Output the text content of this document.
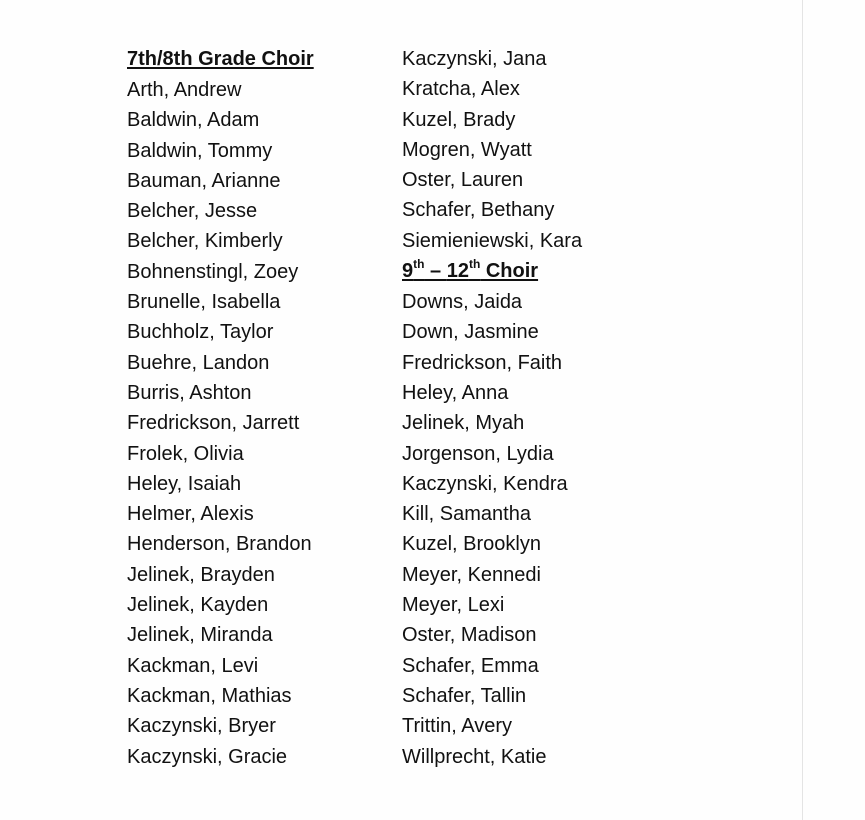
7th/8th Grade Choir
Arth, Andrew
Baldwin, Adam
Baldwin, Tommy
Bauman, Arianne
Belcher, Jesse
Belcher, Kimberly
Bohnenstingl, Zoey
Brunelle, Isabella
Buchholz, Taylor
Buehre, Landon
Burris, Ashton
Fredrickson, Jarrett
Frolek, Olivia
Heley, Isaiah
Helmer, Alexis
Henderson, Brandon
Jelinek, Brayden
Jelinek, Kayden
Jelinek, Miranda
Kackman, Levi
Kackman, Mathias
Kaczynski, Bryer
Kaczynski, Gracie
Kaczynski, Jana
Kratcha, Alex
Kuzel, Brady
Mogren, Wyatt
Oster, Lauren
Schafer, Bethany
Siemieniewski, Kara
9th – 12th Choir
Downs, Jaida
Down, Jasmine
Fredrickson, Faith
Heley, Anna
Jelinek, Myah
Jorgenson, Lydia
Kaczynski, Kendra
Kill, Samantha
Kuzel, Brooklyn
Meyer, Kennedi
Meyer, Lexi
Oster, Madison
Schafer, Emma
Schafer, Tallin
Trittin, Avery
Willprecht, Katie
